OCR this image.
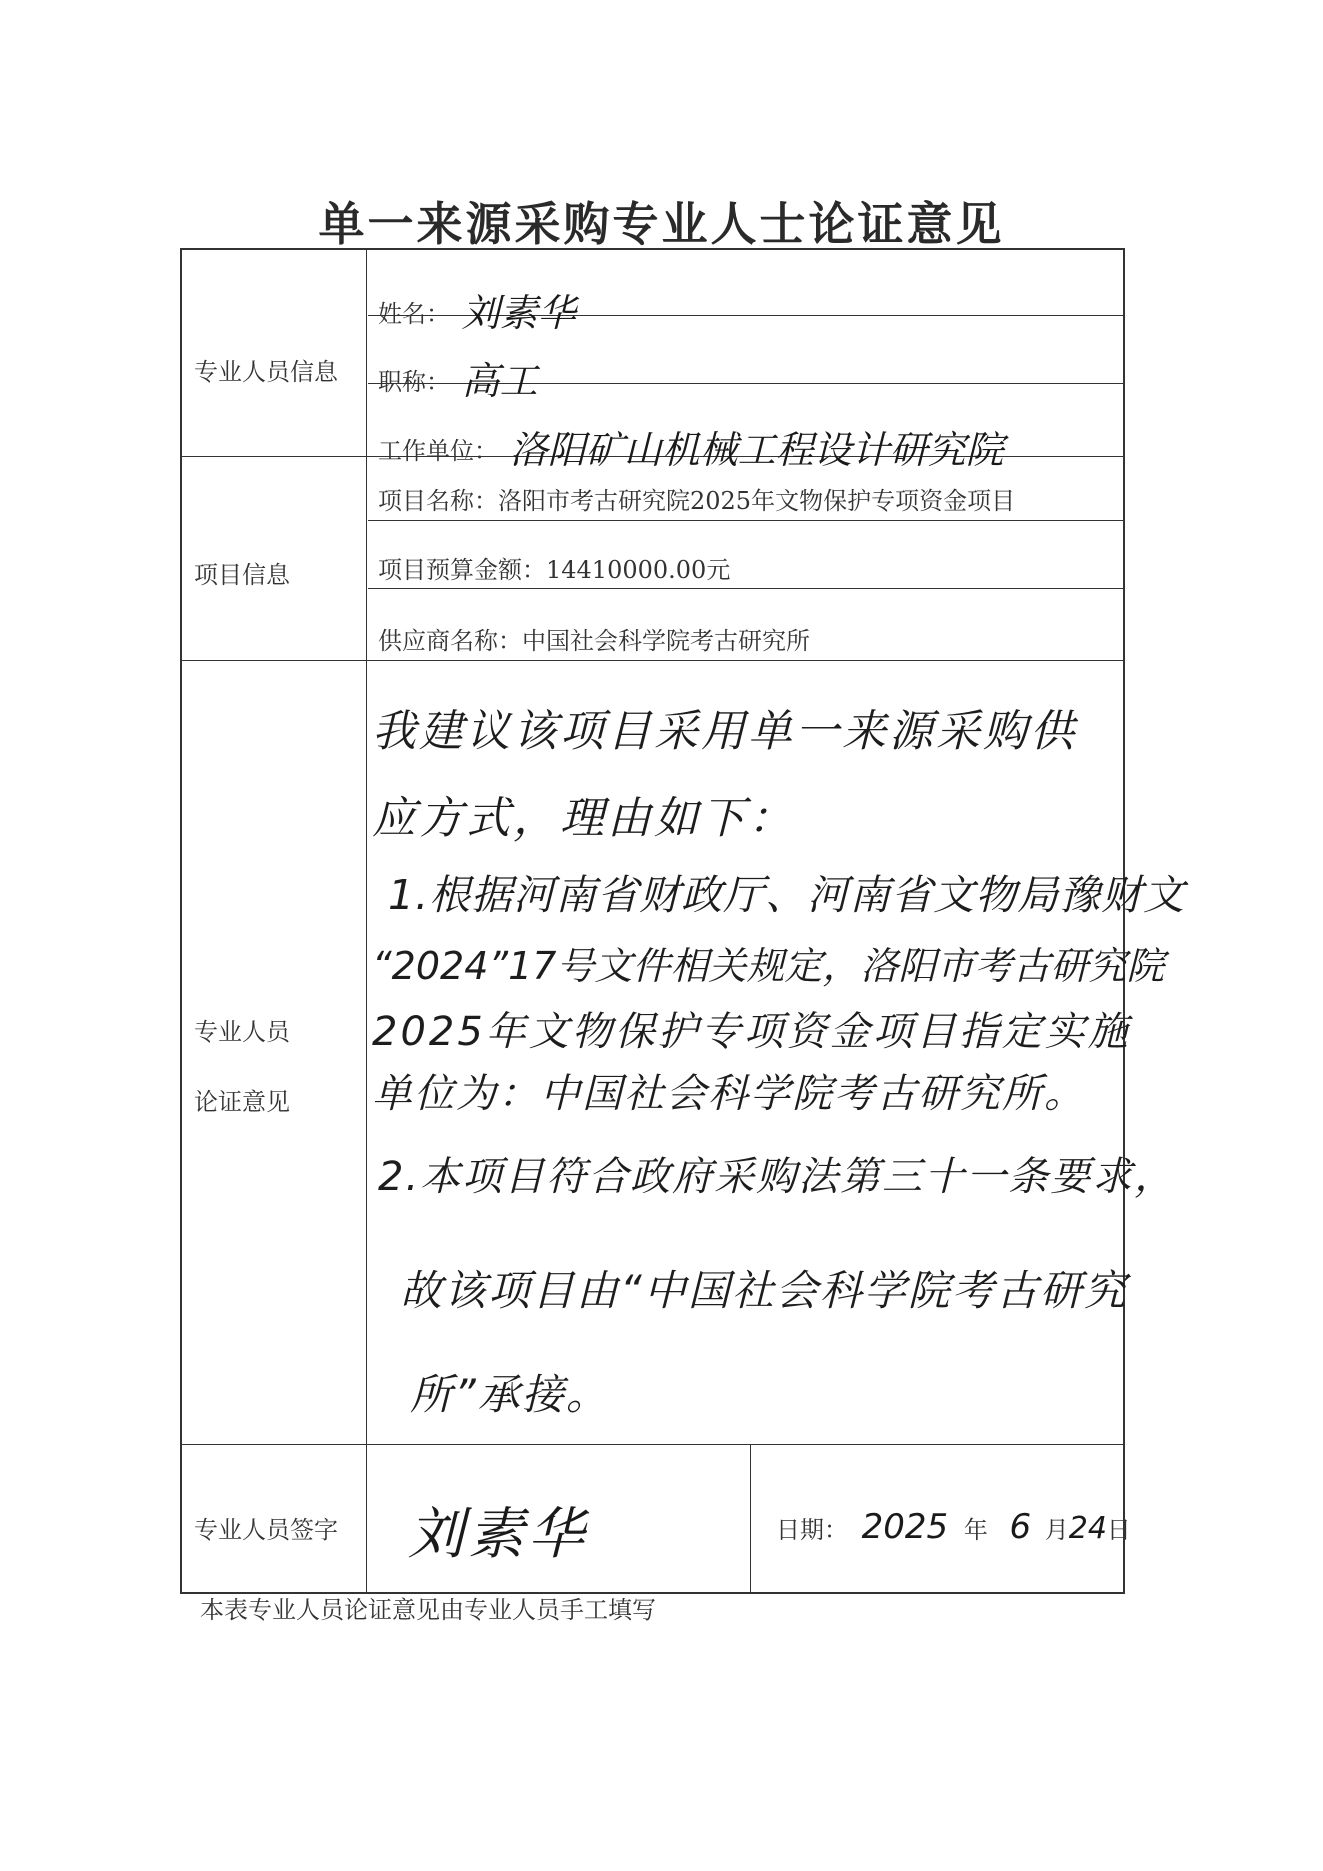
单一来源采购专业人士论证意见
专业人员信息
姓名： 刘素华
职称： 高工
工作单位： 洛阳矿山机械工程设计研究院
项目信息
项目名称：洛阳市考古研究院2025年文物保护专项资金项目
项目预算金额：14410000.00元
供应商名称：中国社会科学院考古研究所
专业人员
论证意见
我建议该项目采用单一来源采购供
应方式，理由如下：
1.根据河南省财政厅、河南省文物局豫财文
“2024”17号文件相关规定，洛阳市考古研究院
2025年文物保护专项资金项目指定实施
单位为：中国社会科学院考古研究所。
2.本项目符合政府采购法第三十一条要求，
故该项目由“中国社会科学院考古研究
所”承接。
专业人员签字 刘素华	日期： 2025 年 6 月24日
本表专业人员论证意见由专业人员手工填写
